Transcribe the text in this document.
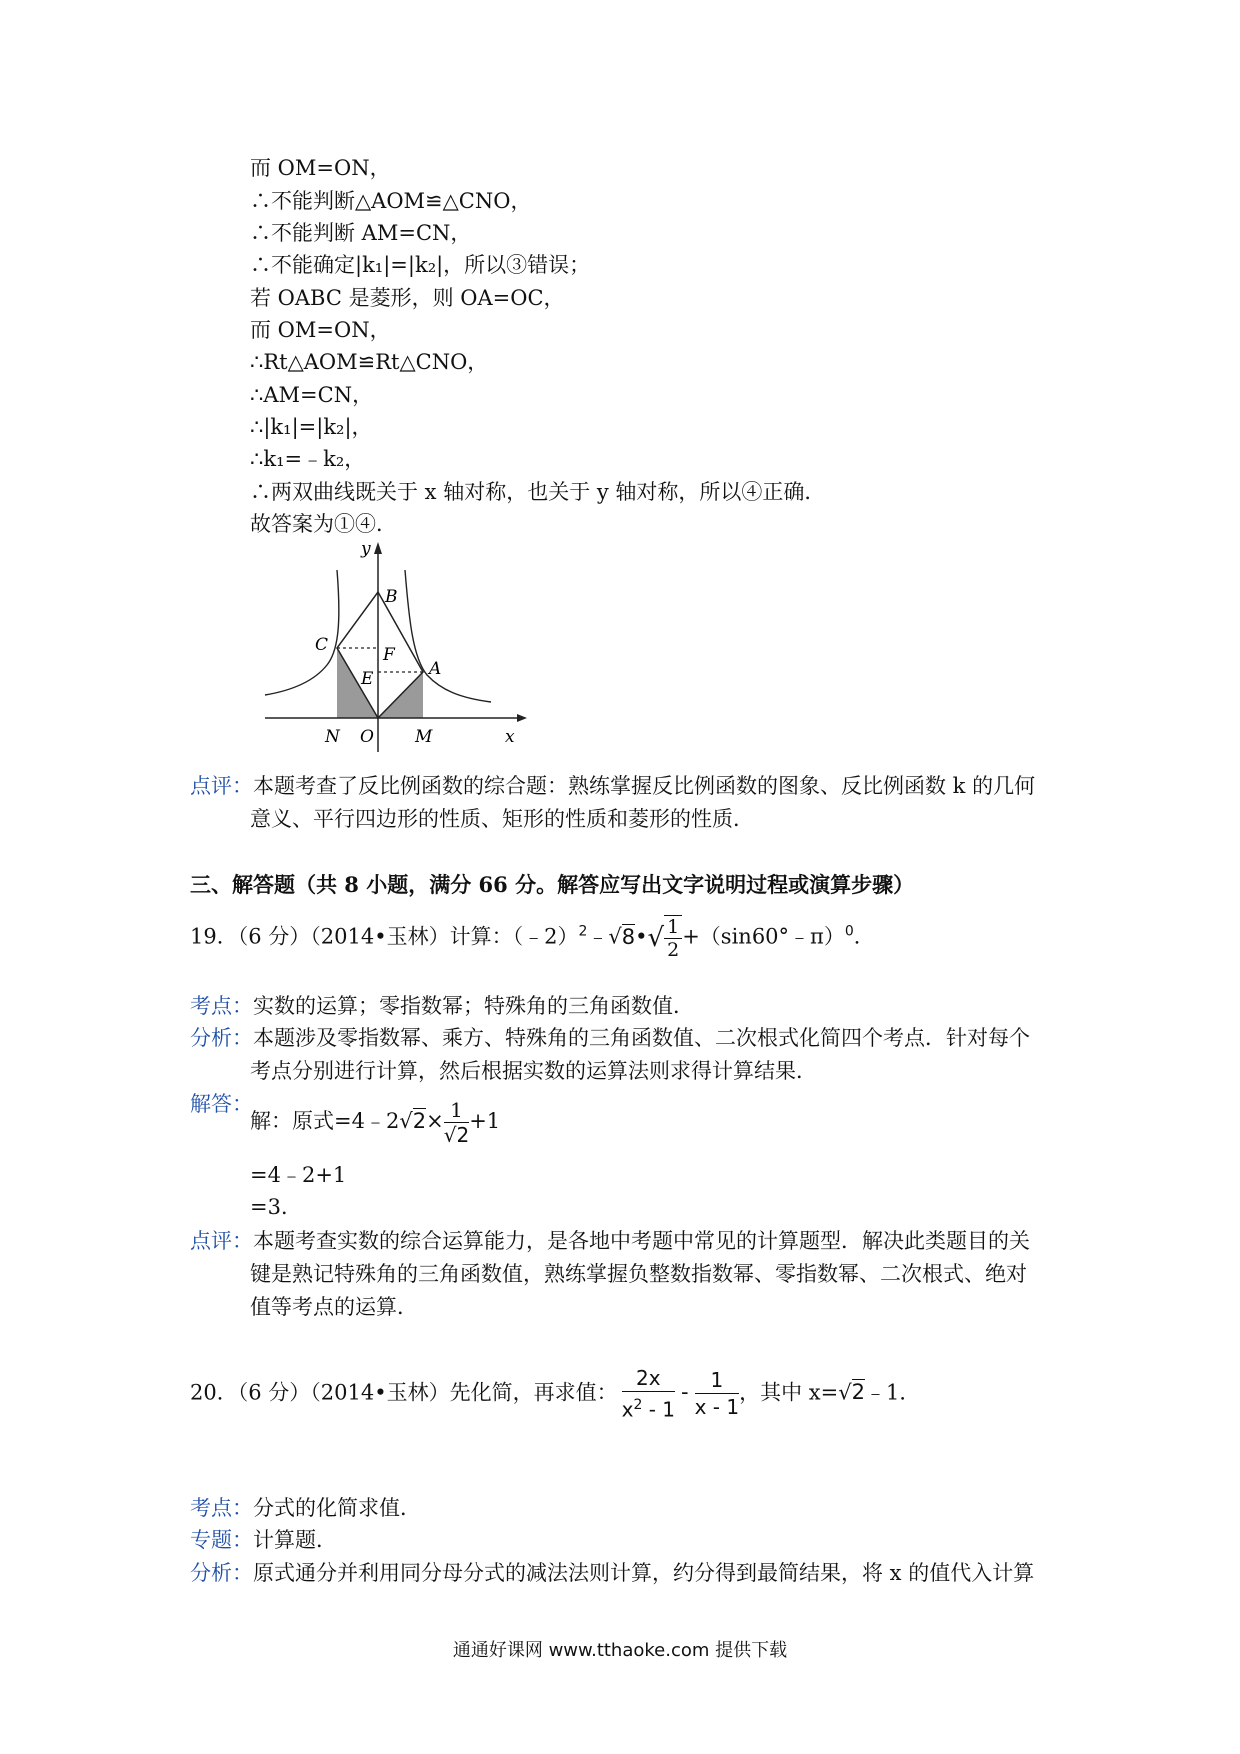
而 OM=ON，
∴不能判断△AOM≌△CNO，
∴不能判断 AM=CN，
∴不能确定|k₁|=|k₂|，所以③错误；
若 OABC 是菱形，则 OA=OC，
而 OM=ON，
∴Rt△AOM≌Rt△CNO，
∴AM=CN，
∴|k₁|=|k₂|，
∴k₁=﹣k₂，
∴两双曲线既关于 x 轴对称，也关于 y 轴对称，所以④正确．
故答案为①④．
y
B
C	F
A
E
N O M	x
点评：本题考查了反比例函数的综合题：熟练掌握反比例函数的图象、反比例函数 k 的几何
意义、平行四边形的性质、矩形的性质和菱形的性质．
三、解答题（共 8 小题，满分 66 分。解答应写出文字说明过程或演算步骤）
19．（6 分）（2014•玉林）计算：（﹣2）$^2$﹣√8•√ $\frac{1}{2}$ +（sin60°﹣π）$^0$．
考点：实数的运算；零指数幂；特殊角的三角函数值．
分析：本题涉及零指数幂、乘方、特殊角的三角函数值、二次根式化简四个考点．针对每个
考点分别进行计算，然后根据实数的运算法则求得计算结果．
解答：
解：原式=4﹣2√2× $\frac{1}{√2} +1$
=4﹣2+1
=3．
点评：本题考查实数的综合运算能力，是各地中考题中常见的计算题型．解决此类题目的关
键是熟记特殊角的三角函数值，熟练掌握负整数指数幂、零指数幂、二次根式、绝对
值等考点的运算．
20．（6 分）（2014•玉林）先化简，再求值： $\frac{2x}{x^2 - 1} - \frac{1}{x - 1}$ ，其中 x=√2﹣1．
考点：分式的化简求值．
专题：计算题．
分析：原式通分并利用同分母分式的减法法则计算，约分得到最简结果，将 x 的值代入计算
通通好课网 www.tthaoke.com 提供下载
